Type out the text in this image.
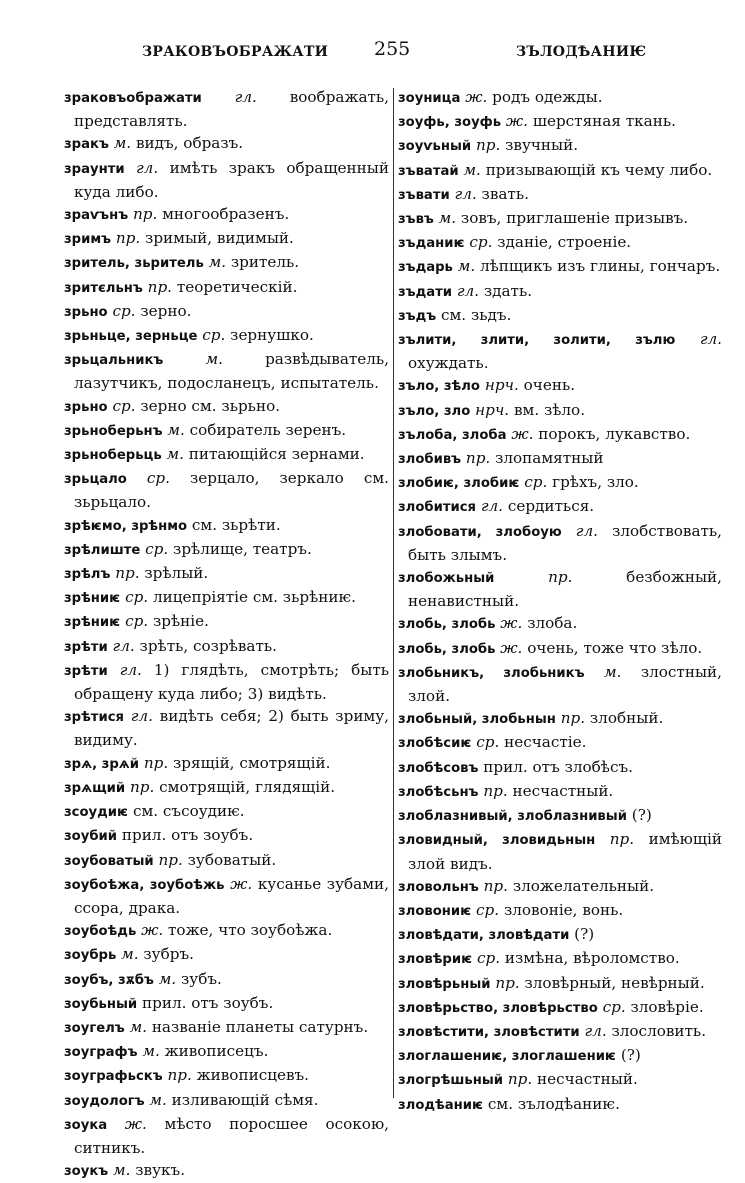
ЗРАКОВЪОБРАЖАТИ 255	ЗЪЛОДѢАНИѤ
зраковъображати гл. воображать, представлять.
зракъ м. видъ, образъ.
зраунти гл. имѣть зракъ обращенный куда либо.
зраѵънъ пр. многообразенъ.
зримъ пр. зримый, видимый.
зритель, зьритель м. зритель.
зритєльнъ пр. теоретическій.
зрьно ср. зерно.
зрьньце, зерньце ср. зернушко.
зрьцальникъ	м.	развѣдыватель, лазутчикъ, подосланецъ, испытатель.
зрьно ср. зерно см. зьрьно.
зрьноберьнъ м. собиратель зеренъ.
зрьноберьць м. питающійся зернами.
зрьцало ср. зерцало, зеркало см. зьрьцало.
зрѣѥмо, зрѣнмо см. зьрѣти.
зрѣлиште ср. зрѣлище, театръ.
зрѣлъ пр. зрѣлый.
зрѣниѥ ср. лицепріятіе см. зьрѣниѥ.
зрѣниѥ ср. зрѣніе.
зрѣти гл. зрѣть, созрѣвать.
зрѣти гл. 1) глядѣть, смотрѣть; быть обращену куда либо; 3) видѣть.
зрѣтися гл. видѣть себя; 2) быть зриму, видиму.
зрѧ, зрѧй пр. зрящій, смотрящій.
зрѧщий пр. смотрящій, глядящій.
зсоудиѥ см. съсоудиѥ.
зоубий прил. отъ зоубъ.
зоубоватый пр. зубоватый.
зоубоѣжа, зоубоѣжь ж. кусанье зубами, ссора, драка.
зоубоѣдь ж. тоже, что зоубоѣжа.
зоубрь м. зубръ.
зоубъ, зѫбъ м. зубъ.
зоубьный прил. отъ зоубъ.
зоугелъ м. названіе планеты сатурнъ.
зоуграфъ м. живописецъ.
зоуграфьскъ пр. живописцевъ.
зоудологъ м. изливающій сѣмя.
зоука ж. мѣсто поросшее осокою, ситникъ.
зоукъ м. звукъ.
зоуница ж. родъ одежды.
зоуфь, зоуфь ж. шерстяная ткань.
зоуѵьный пр. звучный.
зъватай м. призывающій къ чему либо.
зъвати гл. звать.
зъвъ м. зовъ, приглашеніе призывъ.
зъданиѥ ср. зданіе, строеніе.
зъдарь м. лѣпщикъ изъ глины, гончаръ.
зъдати гл. здать.
зъдъ см. зьдъ.
зълити, злити, золити, зълю гл. охуждать.
зъло, зѣло нрч. очень.
зъло, зло нрч. вм. зѣло.
зълоба, злоба ж. порокъ, лукавство.
злобивъ пр. злопамятный
злобиѥ, злобиѥ ср. грѣхъ, зло.
злобитися гл. сердиться.
злобовати, злобоую гл. злобствовать, быть злымъ.
злобожьный	пр.	безбожный, ненавистный.
злобь, злобь ж. злоба.
злобь, злобь ж. очень, тоже что зѣло.
злобьникъ, злобьникъ м. злостный, злой.
злобьный, злобьнын пр. злобный.
злобѣсиѥ ср. несчастіе.
злобѣсовъ прил. отъ злобѣсъ.
злобѣсьнъ пр. несчастный.
злоблазнивый, злоблазнивый (?)
зловидный, зловидьнын пр. имѣющій злой видъ.
зловольнъ пр. зложелательный.
зловониѥ ср. зловоніе, вонь.
зловѣдати, зловѣдати (?)
зловѣриѥ ср. измѣна, вѣроломство.
зловѣрьный пр. зловѣрный, невѣрный.
зловѣрьство, зловѣрьство ср. зловѣріе.
зловѣстити, зловѣстити гл. злословить.
злоглашениѥ, злоглашениѥ (?)
злогрѣшьный пр. несчастный.
злодѣаниѥ см. зълодѣаниѥ.
